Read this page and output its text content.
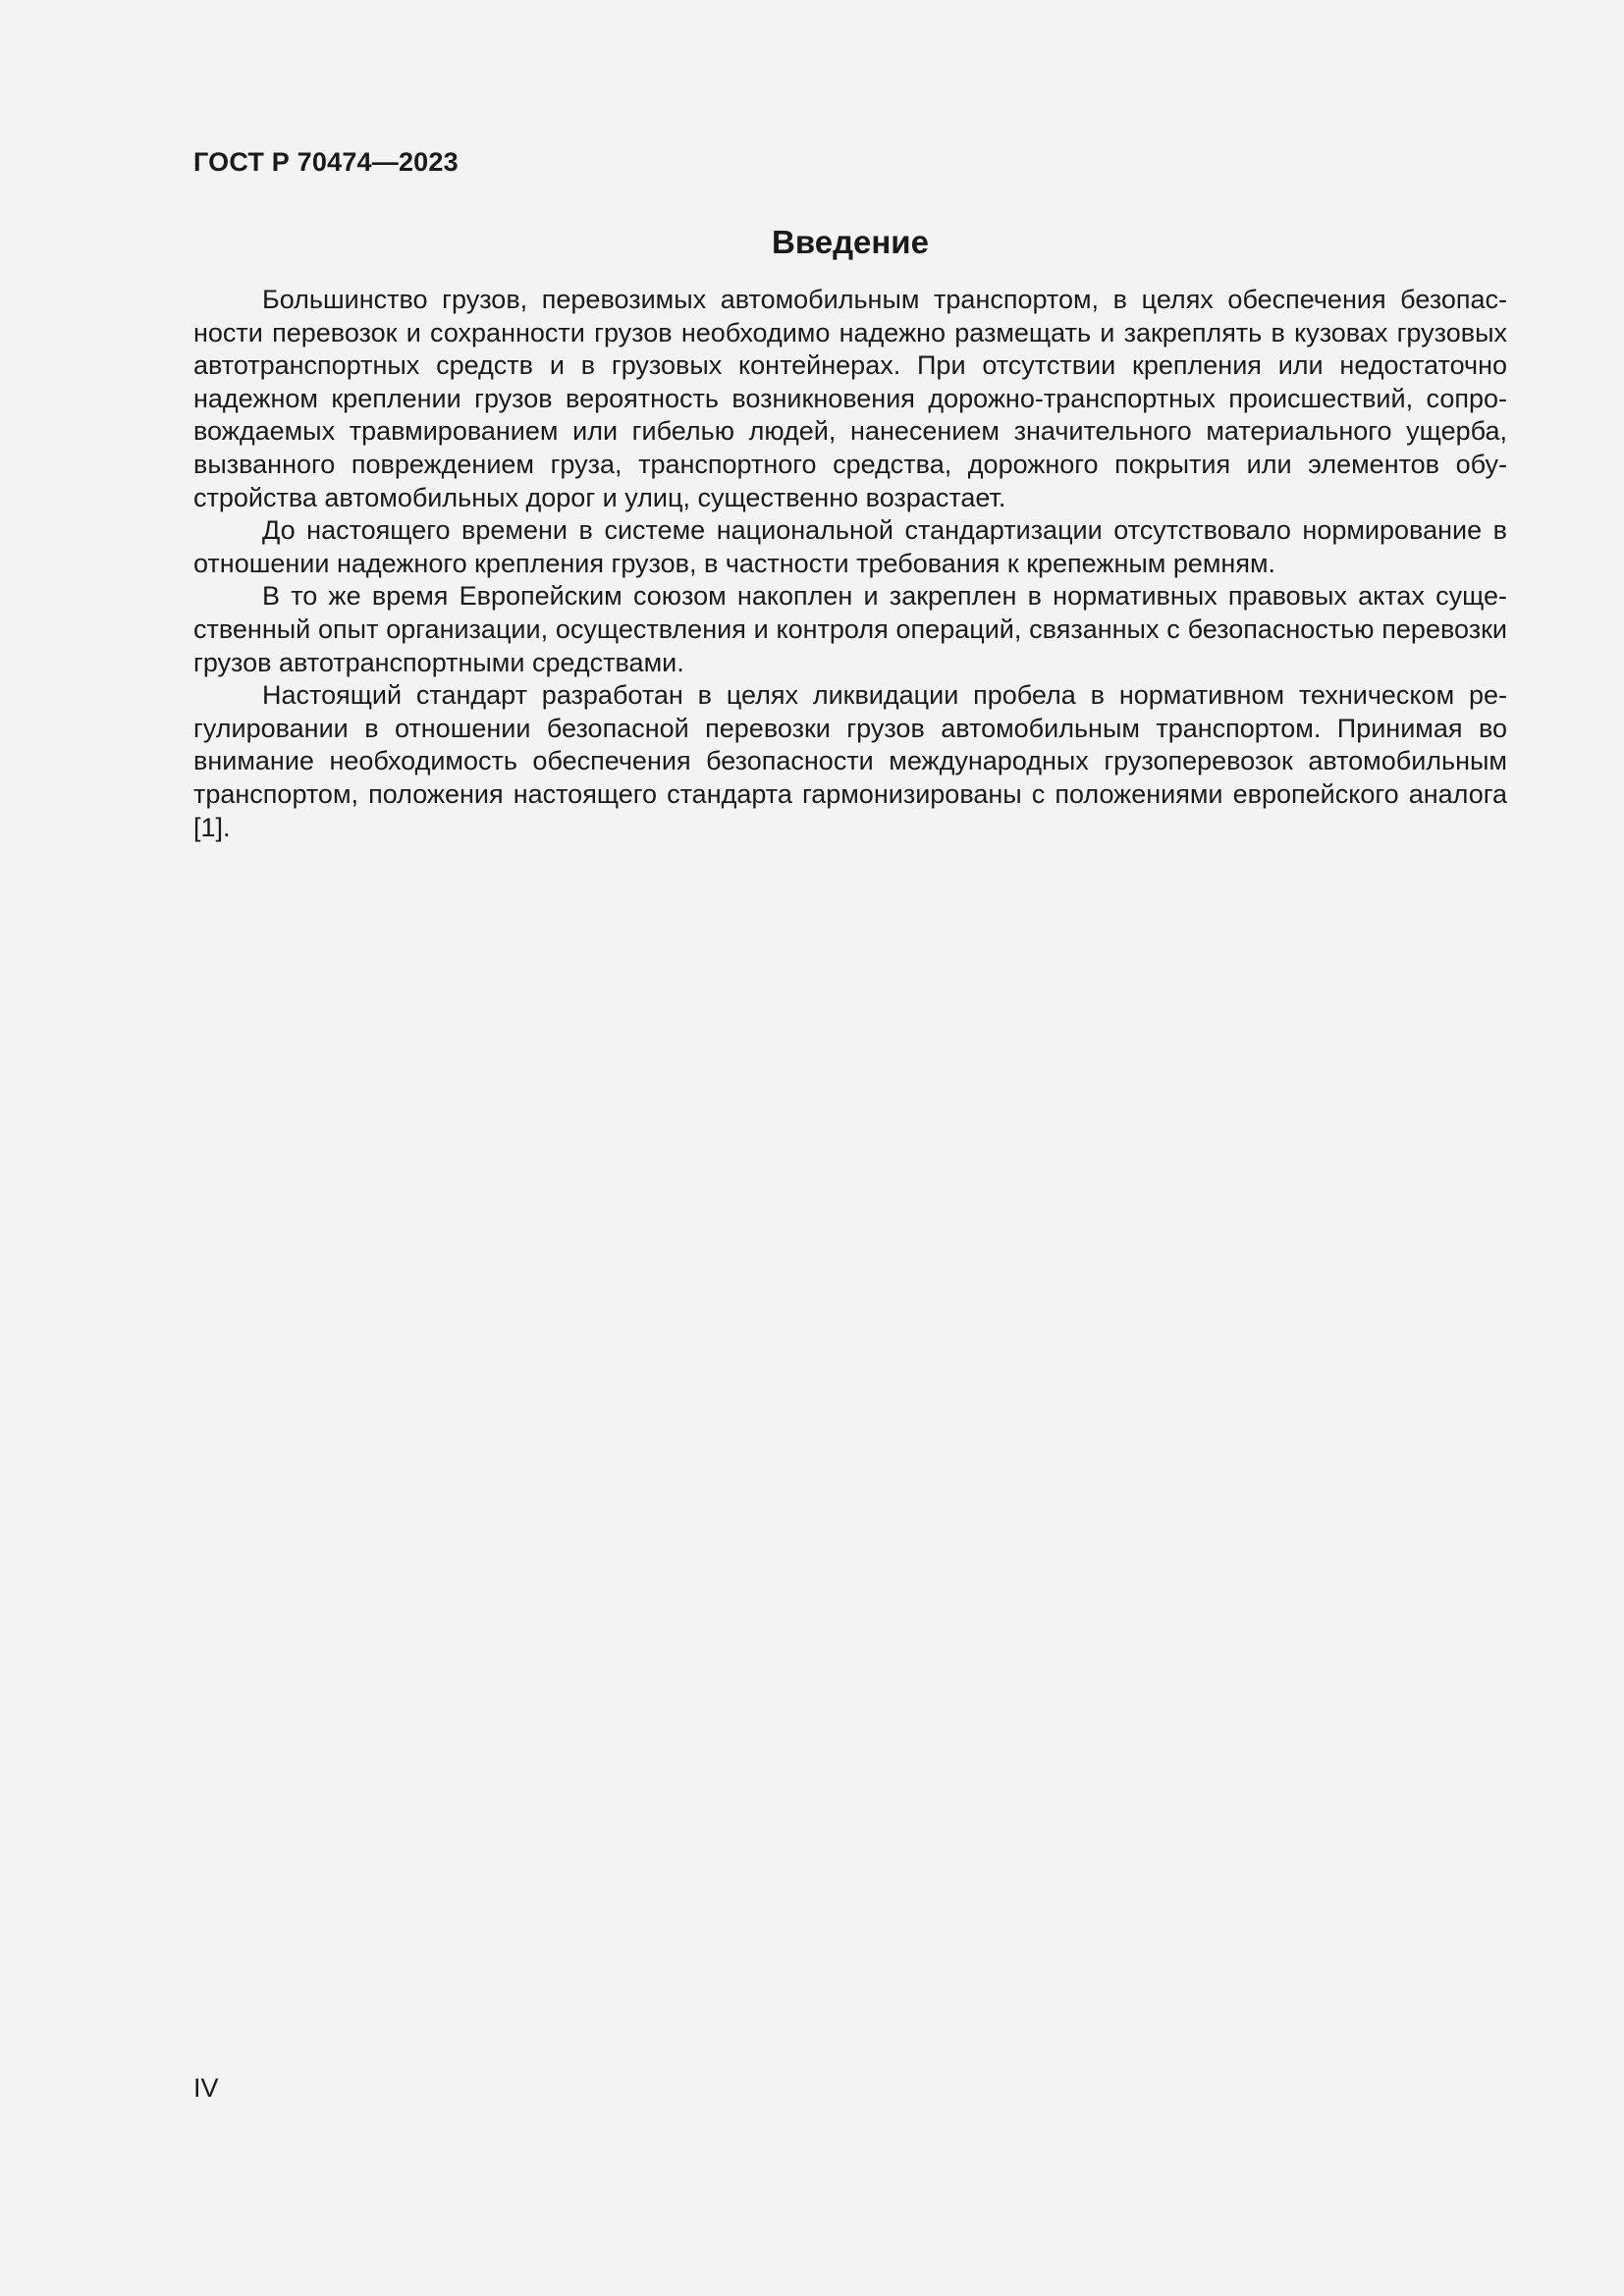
ГОСТ Р 70474—2023
Введение

Большинство грузов, перевозимых автомобильным транспортом, в целях обеспечения безопасности перевозок и сохранности грузов необходимо надежно размещать и закреплять в кузовах грузовых автотранспортных средств и в грузовых контейнерах. При отсутствии крепления или недостаточно надежном креплении грузов вероятность возникновения дорожно-транспортных происшествий, сопровождаемых травмированием или гибелью людей, нанесением значительного материального ущерба, вызванного повреждением груза, транспортного средства, дорожного покрытия или элементов обустройства автомобильных дорог и улиц, существенно возрастает.

До настоящего времени в системе национальной стандартизации отсутствовало нормирование в отношении надежного крепления грузов, в частности требования к крепежным ремням.

В то же время Европейским союзом накоплен и закреплен в нормативных правовых актах существенный опыт организации, осуществления и контроля операций, связанных с безопасностью перевозки грузов автотранспортными средствами.

Настоящий стандарт разработан в целях ликвидации пробела в нормативном техническом регулировании в отношении безопасной перевозки грузов автомобильным транспортом. Принимая во внимание необходимость обеспечения безопасности международных грузоперевозок автомобильным транспортом, положения настоящего стандарта гармонизированы с положениями европейского аналога [1].

IV
